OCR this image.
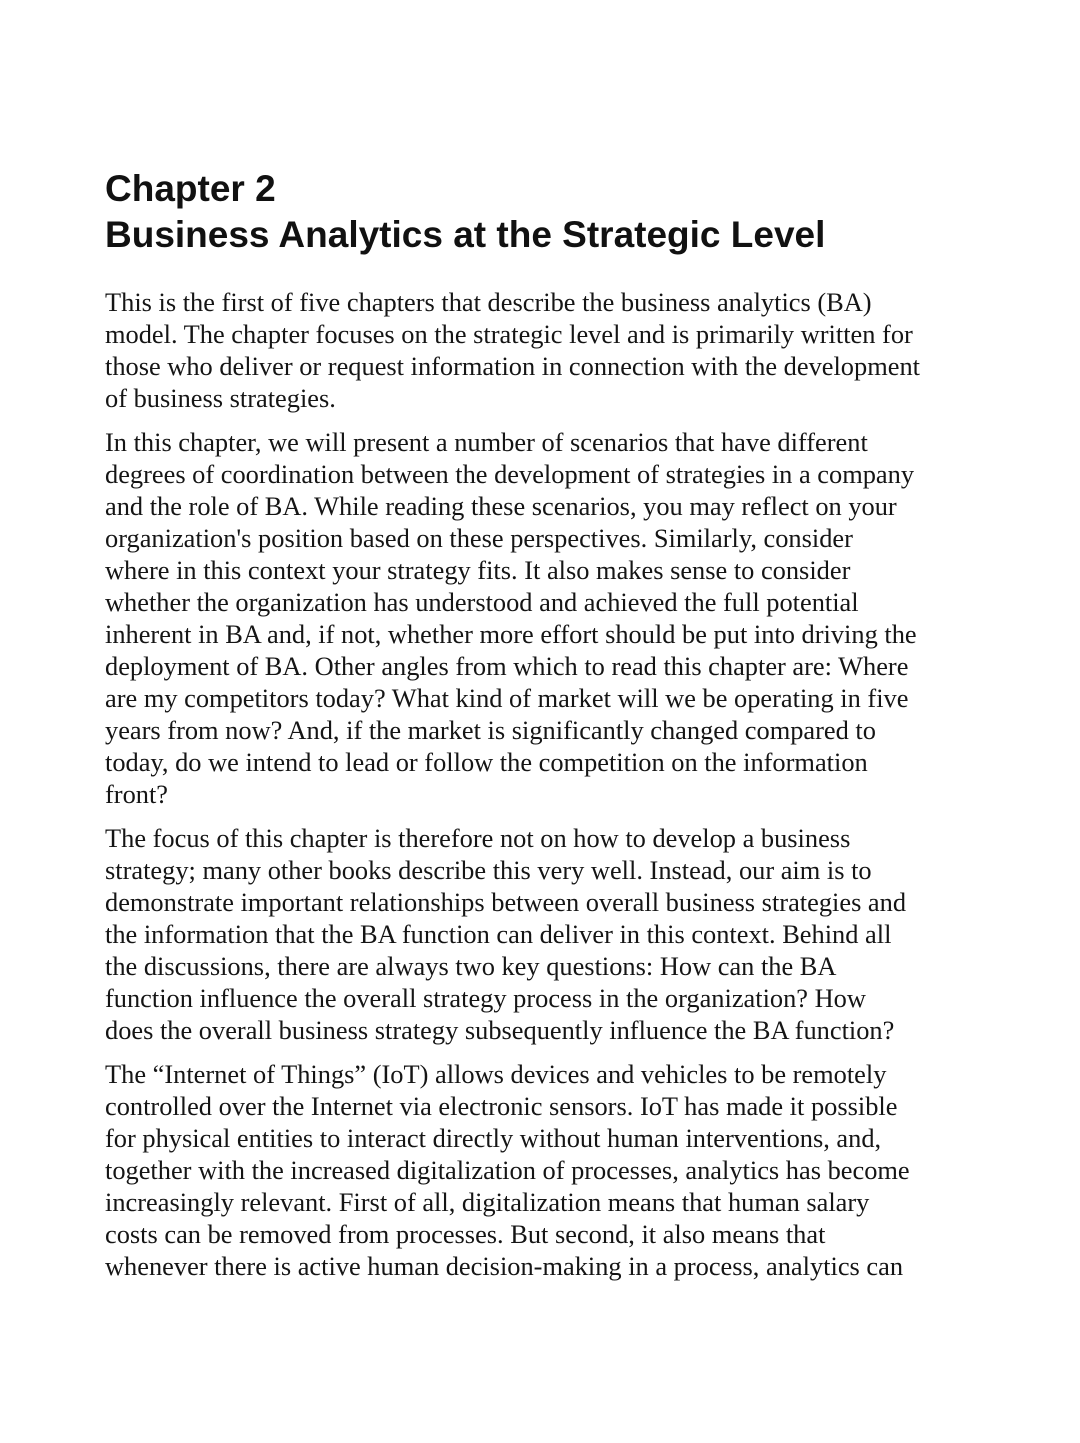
Chapter 2
Business Analytics at the Strategic Level

This is the first of five chapters that describe the business analytics (BA)
model. The chapter focuses on the strategic level and is primarily written for
those who deliver or request information in connection with the development
of business strategies.

In this chapter, we will present a number of scenarios that have different
degrees of coordination between the development of strategies in a company
and the role of BA. While reading these scenarios, you may reflect on your
organization's position based on these perspectives. Similarly, consider
where in this context your strategy fits. It also makes sense to consider
whether the organization has understood and achieved the full potential
inherent in BA and, if not, whether more effort should be put into driving the
deployment of BA. Other angles from which to read this chapter are: Where
are my competitors today? What kind of market will we be operating in five
years from now? And, if the market is significantly changed compared to
today, do we intend to lead or follow the competition on the information
front?

The focus of this chapter is therefore not on how to develop a business
strategy; many other books describe this very well. Instead, our aim is to
demonstrate important relationships between overall business strategies and
the information that the BA function can deliver in this context. Behind all
the discussions, there are always two key questions: How can the BA
function influence the overall strategy process in the organization? How
does the overall business strategy subsequently influence the BA function?

The “Internet of Things” (IoT) allows devices and vehicles to be remotely
controlled over the Internet via electronic sensors. IoT has made it possible
for physical entities to interact directly without human interventions, and,
together with the increased digitalization of processes, analytics has become
increasingly relevant. First of all, digitalization means that human salary
costs can be removed from processes. But second, it also means that
whenever there is active human decision-making in a process, analytics can
